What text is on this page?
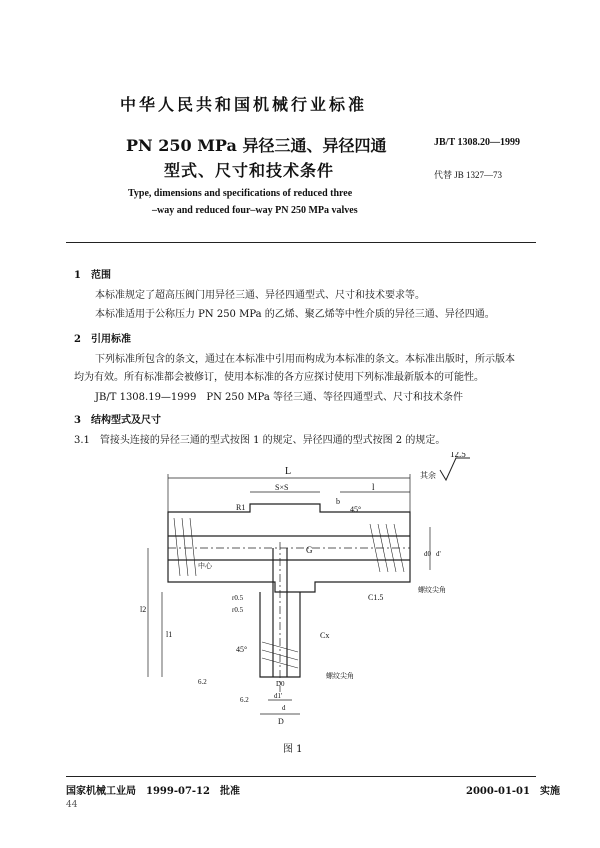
中华人民共和国机械行业标准
PN 250 MPa 异径三通、异径四通
型式、尺寸和技术条件
JB/T 1308.20—1999
代替 JB 1327—73
Type, dimensions and specifications of reduced three
–way and reduced four–way PN 250 MPa valves
1　范围
本标准规定了超高压阀门用异径三通、异径四通型式、尺寸和技术要求等。
本标准适用于公称压力 PN 250 MPa 的乙烯、聚乙烯等中性介质的异径三通、异径四通。
2　引用标准
下列标准所包含的条文，通过在本标准中引用而构成为本标准的条文。本标准出版时，所示版本
均为有效。所有标准都会被修订，使用本标准的各方应探讨使用下列标准最新版本的可能性。
JB/T 1308.19—1999　PN 250 MPa 等径三通、等径四通型式、尺寸和技术条件
3　结构型式及尺寸
3.1　管接头连接的异径三通的型式按图 1 的规定、异径四通的型式按图 2 的规定。
12.5
其余
L
S×S	l
R1
b
45°
G
r0.5
r0.5
l1
l2
C1.5
螺纹尖角
Cx
45°
螺纹尖角
D0
d1'
d
D
d0 d'
6.2
6.2
中心
图 1
国家机械工业局　1999-07-12　批准	2000-01-01　实施
44
